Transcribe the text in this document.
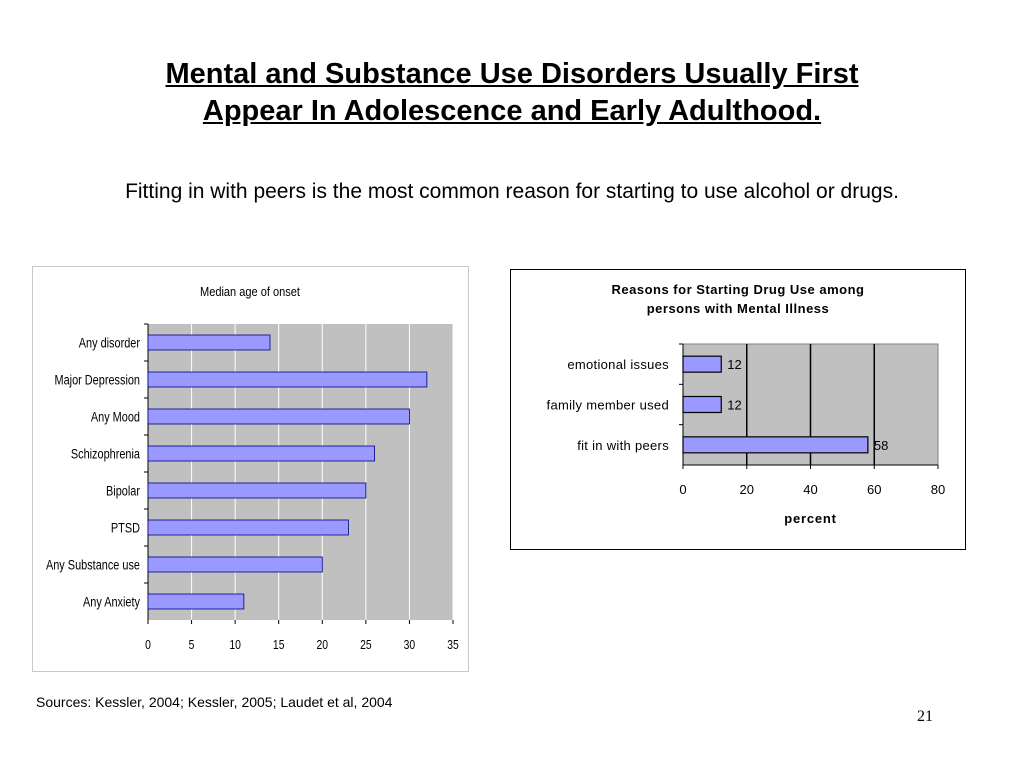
Mental and Substance Use Disorders Usually First
Appear In Adolescence and Early Adulthood.
Fitting in with peers is the most common reason for starting to use alcohol or drugs.
Median age of onset
0	5	10 15 20 25 30 35
Any disorder
Major Depression
Any Mood
Schizophrenia
Bipolar
PTSD
Any Substance use
Any Anxiety
Reasons for Starting Drug Use among
persons with Mental Illness
0	20	40	60	80
12
emotional issues
12
family member used
58
fit in with peers
percent
Sources: Kessler, 2004; Kessler, 2005; Laudet et al, 2004
21
